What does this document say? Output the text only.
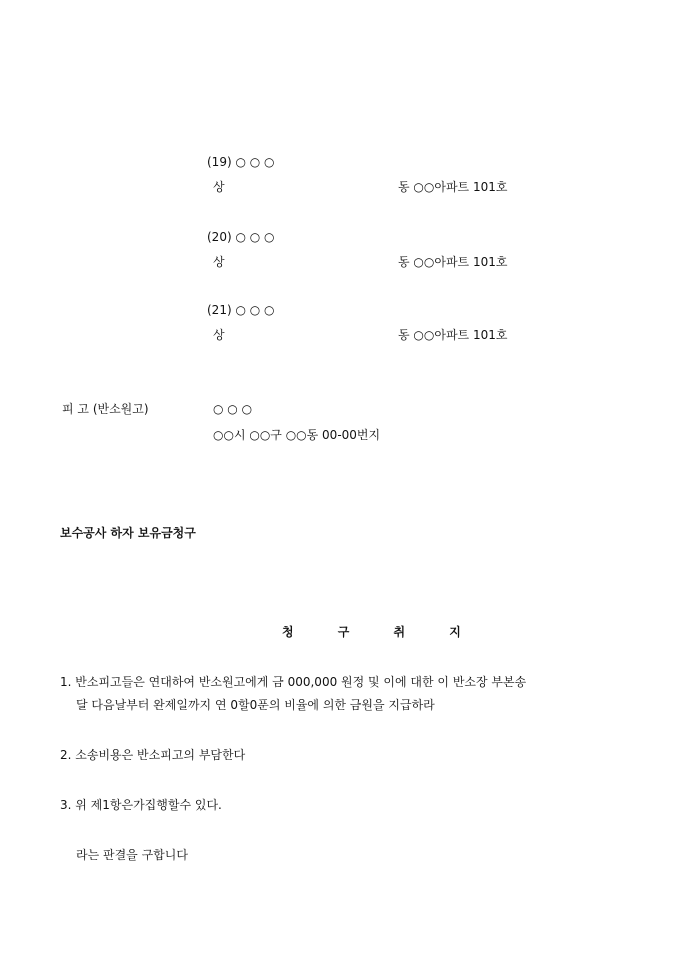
(19) ○ ○ ○
상	동 ○○아파트 101호
(20) ○ ○ ○
상	동 ○○아파트 101호
(21) ○ ○ ○
상	동 ○○아파트 101호
피 고 (반소원고)	○ ○ ○
○○시 ○○구 ○○동 00-00번지
보수공사 하자 보유금청구
청 구 취 지
1. 반소피고들은 연대하여 반소원고에게 금 000,000 원정 및 이에 대한 이 반소장 부본송
달 다음날부터 완제일까지 연 0할0푼의 비율에 의한 금원을 지급하라
2. 소송비용은 반소피고의 부담한다
3. 위 제1항은가집행할수 있다.
라는 판결을 구합니다
